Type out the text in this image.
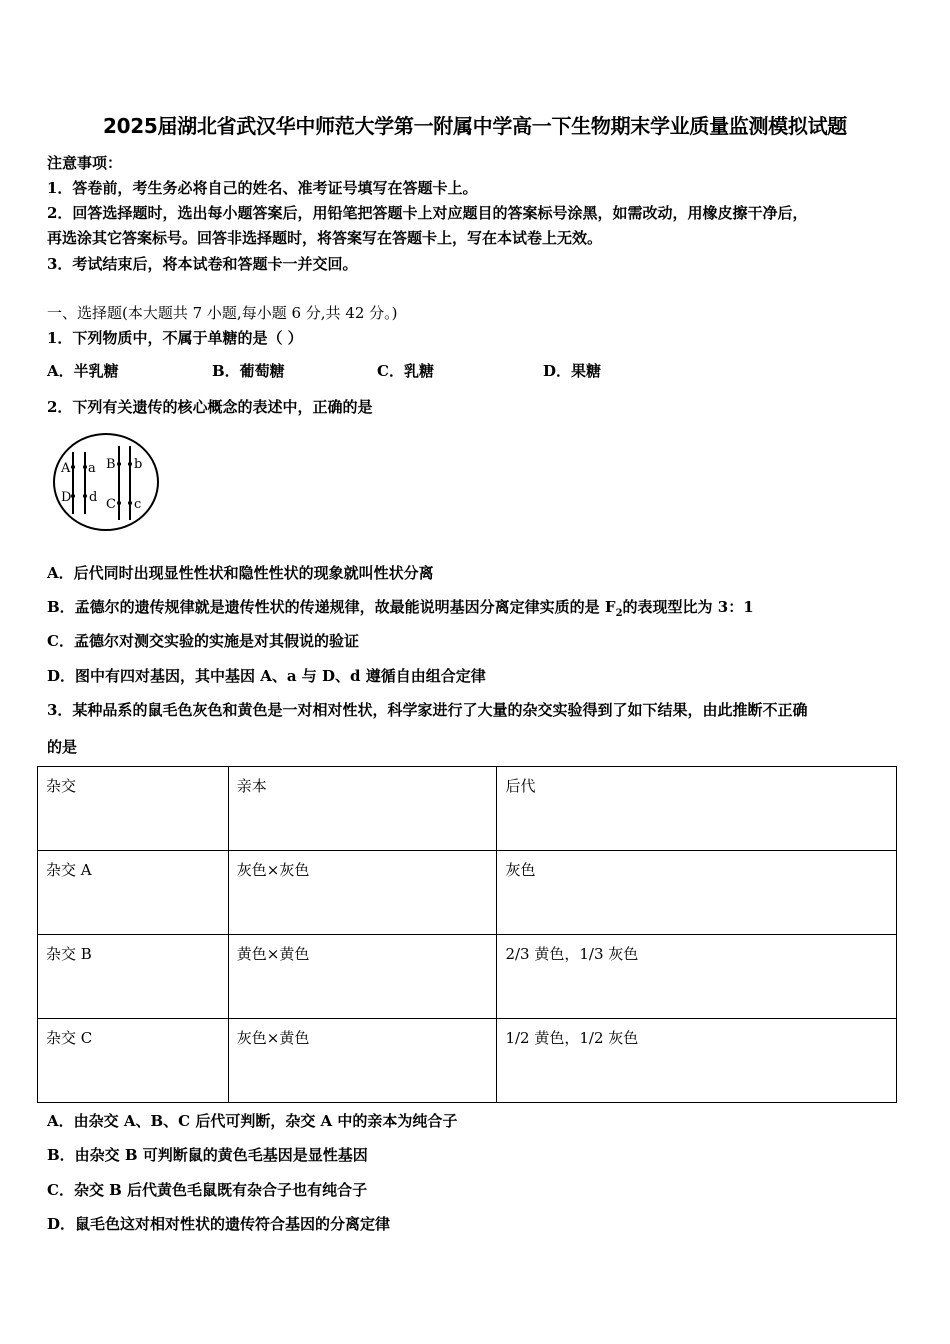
2025届湖北省武汉华中师范大学第一附属中学高一下生物期末学业质量监测模拟试题
注意事项：
1．答卷前，考生务必将自己的姓名、准考证号填写在答题卡上。
2．回答选择题时，选出每小题答案后，用铅笔把答题卡上对应题目的答案标号涂黑，如需改动，用橡皮擦干净后，
再选涂其它答案标号。回答非选择题时，将答案写在答题卡上，写在本试卷上无效。
3．考试结束后，将本试卷和答题卡一并交回。
一、选择题(本大题共 7 小题,每小题 6 分,共 42 分。)
1．下列物质中，不属于单糖的是（ ）
A．半乳糖	B．葡萄糖	C．乳糖	D．果糖
2．下列有关遗传的核心概念的表述中，正确的是
A a B b
D d C c
A．后代同时出现显性性状和隐性性状的现象就叫性状分离
B．孟德尔的遗传规律就是遗传性状的传递规律，故最能说明基因分离定律实质的是 $F_2$的表现型比为 3：1
C．孟德尔对测交实验的实施是对其假说的验证
D．图中有四对基因，其中基因 A、a 与 D、d 遵循自由组合定律
3．某种品系的鼠毛色灰色和黄色是一对相对性状，科学家进行了大量的杂交实验得到了如下结果，由此推断不正确
的是
杂交	亲本	后代
杂交 A	灰色×灰色	灰色
杂交 B	黄色×黄色	2/3 黄色，1/3 灰色
杂交 C	灰色×黄色	1/2 黄色，1/2 灰色
A．由杂交 A、B、C 后代可判断，杂交 A 中的亲本为纯合子
B．由杂交 B 可判断鼠的黄色毛基因是显性基因
C．杂交 B 后代黄色毛鼠既有杂合子也有纯合子
D．鼠毛色这对相对性状的遗传符合基因的分离定律
